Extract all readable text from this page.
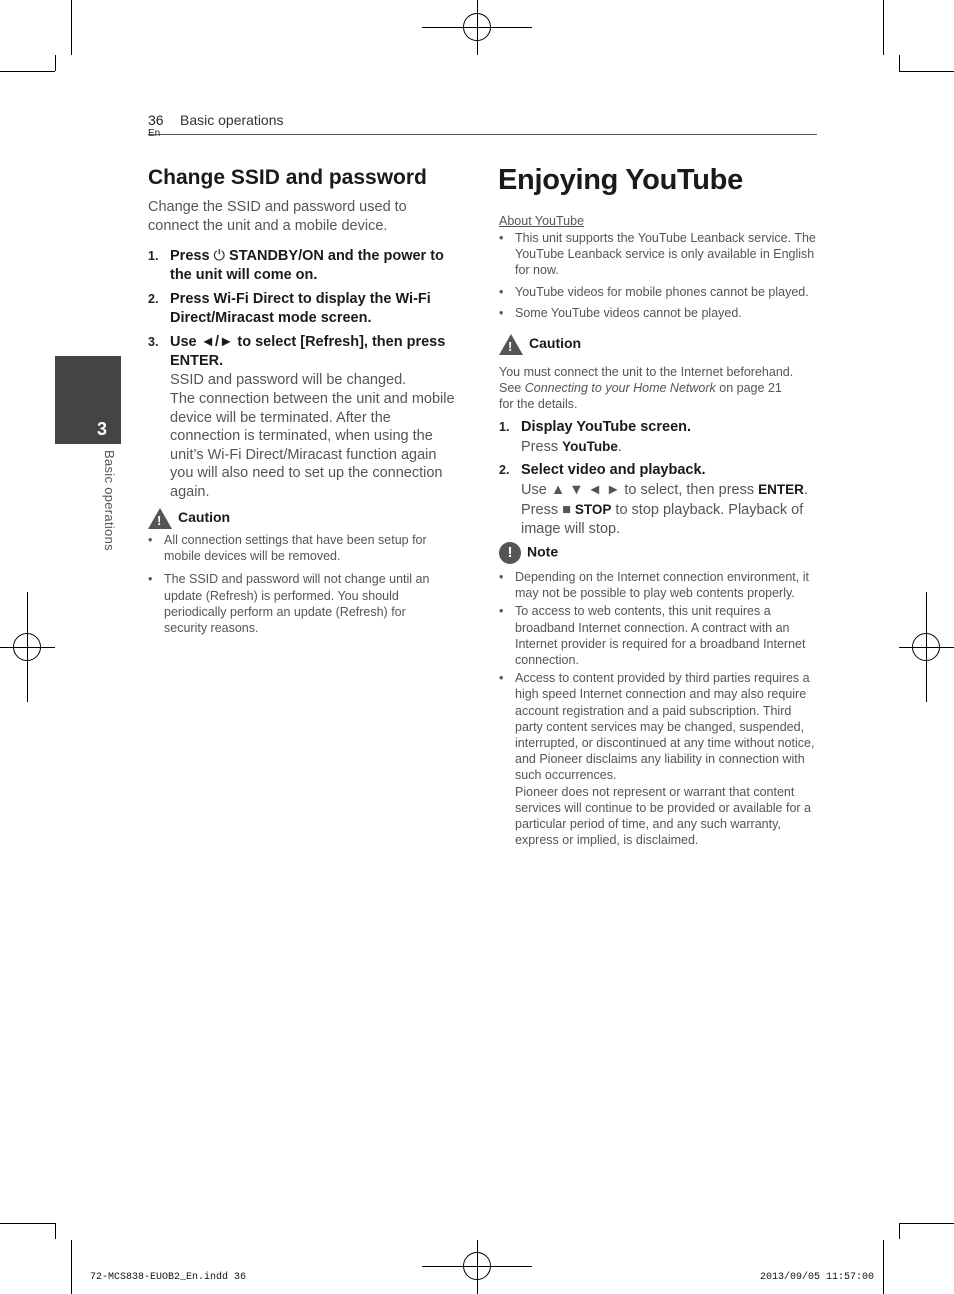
36 Basic operations
3
Basic operations
Change SSID and password
Change the SSID and password used to connect the unit and a mobile device.
1. Press ⏻ STANDBY/ON and the power to the unit will come on.
2. Press Wi-Fi Direct to display the Wi-Fi Direct/Miracast mode screen.
3. Use ◄/► to select [Refresh], then press
ENTER.
SSID and password will be changed.
The connection between the unit and mobile device will be terminated. After the connection is terminated, when using the unit’s Wi-Fi Direct/Miracast function again you will also need to set up the connection again.
! Caution
• All connection settings that have been setup for mobile devices will be removed.
• The SSID and password will not change until an update (Refresh) is performed. You should periodically perform an update (Refresh) for security reasons.
Enjoying YouTube
About YouTube
• This unit supports the YouTube Leanback service. The YouTube Leanback service is only available in English for now.
• YouTube videos for mobile phones cannot be played.
• Some YouTube videos cannot be played.
! Caution
You must connect the unit to the Internet beforehand.
See Connecting to your Home Network on page 21
for the details.
1. Display YouTube screen.
Press YouTube.
2. Select video and playback.
Use ▲ ▼ ◄ ► to select, then press ENTER.
Press ■ STOP to stop playback. Playback of image will stop.
! Note
• Depending on the Internet connection environment, it may not be possible to play web contents properly.
• To access to web contents, this unit requires a broadband Internet connection. A contract with an Internet provider is required for a broadband Internet connection.
• Access to content provided by third parties requires a high speed Internet connection and may also require account registration and a paid subscription. Third party content services may be changed, suspended, interrupted, or discontinued at any time without notice, and Pioneer disclaims any liability in connection with such occurrences.
Pioneer does not represent or warrant that content services will continue to be provided or available for a particular period of time, and any such warranty, express or implied, is disclaimed.
72-MCS838-EUOB2_En.indd 36	2013/09/05 11:57:00
